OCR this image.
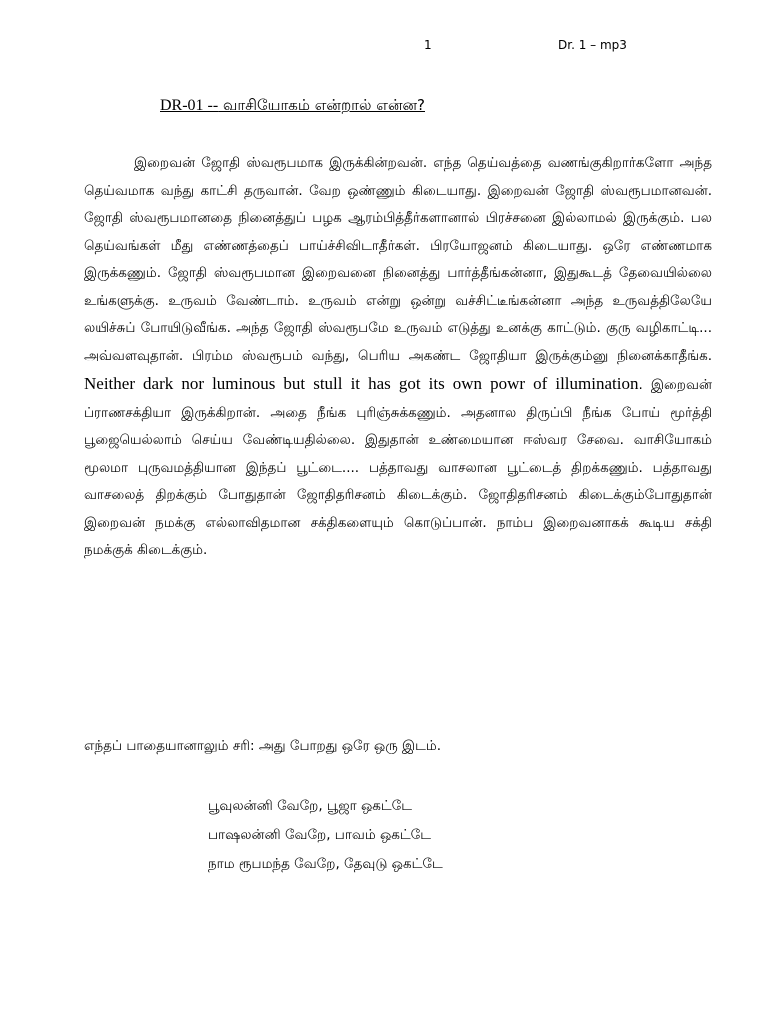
1	Dr. 1 – mp3
DR-01 -- வாசியோகம் என்றால் என்ன?

இறைவன் ஜோதி ஸ்வரூபமாக இருக்கின்றவன். எந்த தெய்வத்தை வணங்குகிறார்களோ அந்த தெய்வமாக வந்து காட்சி தருவான். வேற ஒண்ணும் கிடையாது. இறைவன் ஜோதி ஸ்வரூபமானவன். ஜோதி ஸ்வரூபமானதை நினைத்துப் பழக ஆரம்பித்தீர்களானால் பிரச்சனை இல்லாமல் இருக்கும். பல தெய்வங்கள் மீது எண்ணத்தைப் பாய்ச்சிவிடாதீர்கள். பிரயோஜனம் கிடையாது. ஒரே எண்ணமாக இருக்கணும். ஜோதி ஸ்வரூபமான இறைவனை நினைத்து பார்த்தீங்கன்னா, இதுகூடத் தேவையில்லை உங்களுக்கு. உருவம் வேண்டாம். உருவம் என்று ஒன்று வச்சிட்டீங்கன்னா அந்த உருவத்திலேயே லயிச்சுப் போயிடுவீங்க. அந்த ஜோதி ஸ்வரூபமே உருவம் எடுத்து உனக்கு காட்டும். குரு வழிகாட்டி... அவ்வளவுதான். பிரம்ம ஸ்வரூபம் வந்து, பெரிய அகண்ட ஜோதியா இருக்கும்னு நினைக்காதீங்க. Neither dark nor luminous but stull it has got its own powr of illumination. இறைவன் ப்ராணசக்தியா இருக்கிறான். அதை நீங்க புரிஞ்சுக்கணும். அதனால திருப்பி நீங்க போய் மூர்த்தி பூஜையெல்லாம் செய்ய வேண்டியதில்லை. இதுதான் உண்மையான ஈஸ்வர சேவை. வாசியோகம் மூலமா புருவமத்தியான இந்தப் பூட்டை.... பத்தாவது வாசலான பூட்டைத் திறக்கணும். பத்தாவது வாசலைத் திறக்கும் போதுதான் ஜோதிதரிசனம் கிடைக்கும். ஜோதிதரிசனம் கிடைக்கும்போதுதான் இறைவன் நமக்கு எல்லாவிதமான சக்திகளையும் கொடுப்பான். நாம்ப இறைவனாகக் கூடிய சக்தி நமக்குக் கிடைக்கும்.

எந்தப் பாதையானாலும் சரி: அது போறது ஒரே ஒரு இடம்.
பூவுலன்னி வேறே, பூஜா ஒகட்டே
பாஷலன்னி வேறே, பாவம் ஒகட்டே
நாம ரூபமந்த வேறே, தேவுடு ஒகட்டே
